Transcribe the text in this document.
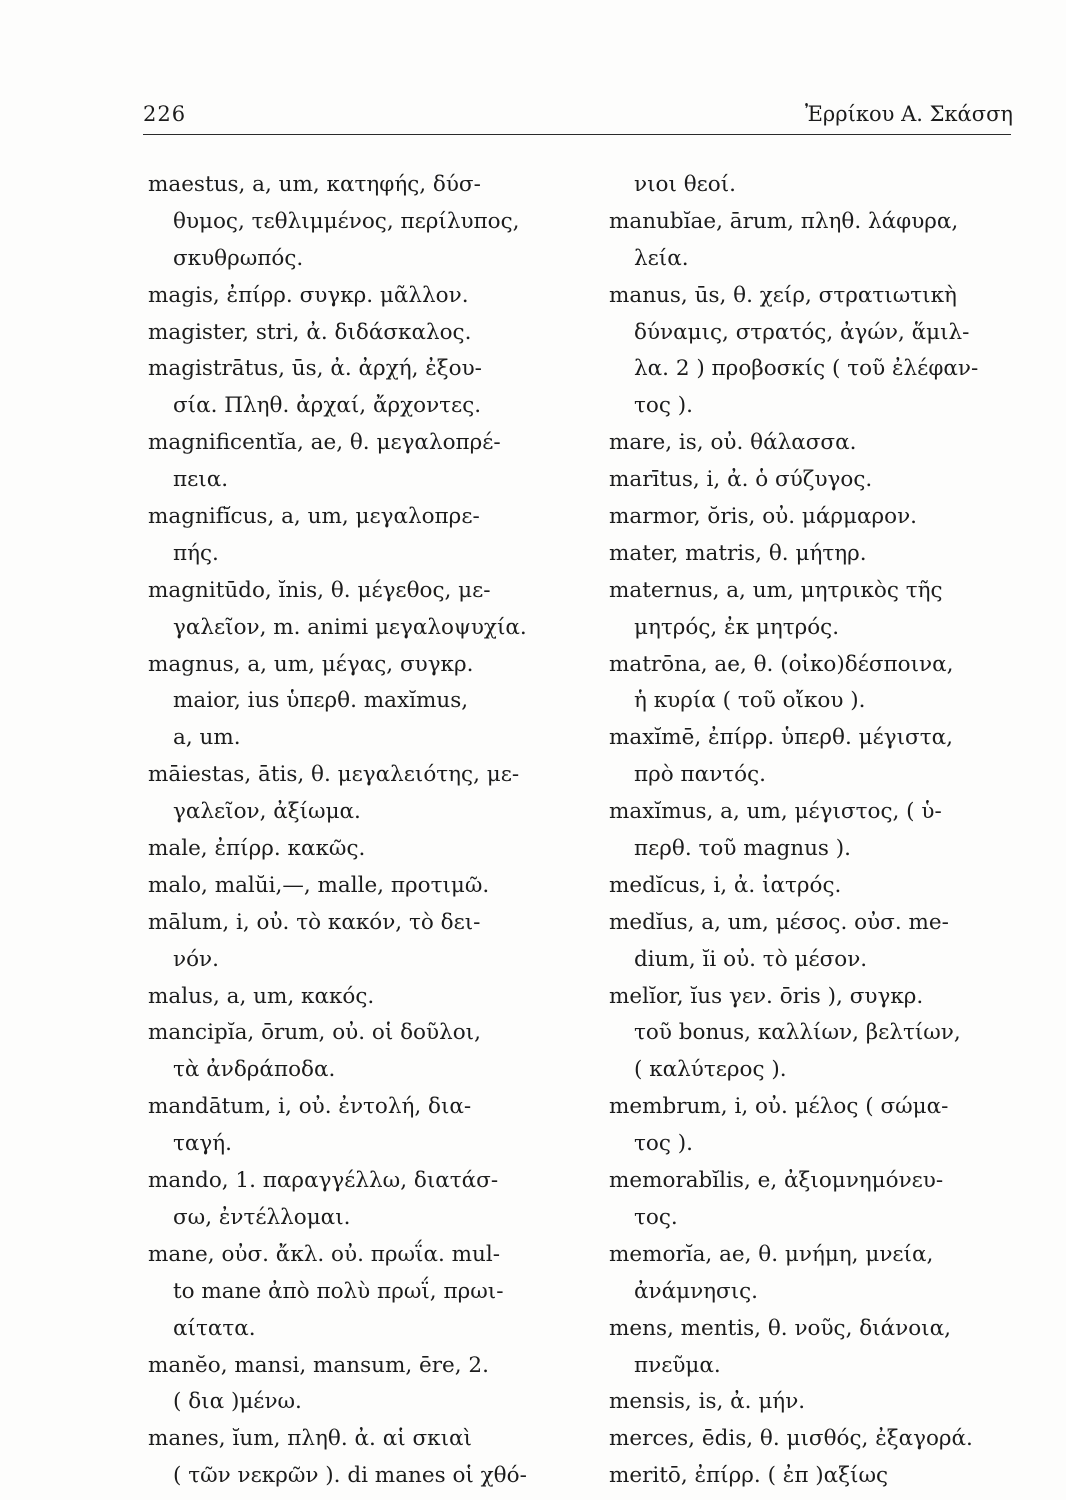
226	Ἐρρίκου Α. Σκάσση
maestus, a, um, κατηφής, δύσ-
θυμος, τεθλιμμένος, περίλυπος,
σκυθρωπός.
magis, ἐπίρρ. συγκρ. μᾶλλον.
magister, stri, ἀ. διδάσκαλος.
magistrātus, ūs, ἀ. ἀρχή, ἐξου-
σία. Πληθ. ἀρχαί, ἄρχοντες.
magnificentĭa, ae, θ. μεγαλοπρέ-
πεια.
magnifĭcus, a, um, μεγαλοπρε-
πής.
magnitūdo, ĭnis, θ. μέγεθος, με-
γαλεῖον, m. animi μεγαλοψυχία.
magnus, a, um, μέγας, συγκρ.
maior, ius ὑπερθ. maxĭmus,
a, um.
māiestas, ātis, θ. μεγαλειότης, με-
γαλεῖον, ἀξίωμα.
male, ἐπίρρ. κακῶς.
malo, malŭi,—, malle, προτιμῶ.
mālum, i, οὐ. τὸ κακόν, τὸ δει-
νόν.
malus, a, um, κακός.
mancipĭa, ōrum, οὐ. οἱ δοῦλοι,
τὰ ἀνδράποδα.
mandātum, i, οὐ. ἐντολή, δια-
ταγή.
mando, 1. παραγγέλλω, διατάσ-
σω, ἐντέλλομαι.
mane, οὐσ. ἄκλ. οὐ. πρωΐα. mul-
to mane ἀπὸ πολὺ πρωΐ, πρωι-
αίτατα.
manĕo, mansi, mansum, ēre, 2.
( δια )μένω.
manes, ĭum, πληθ. ἀ. αἱ σκιαὶ
( τῶν νεκρῶν ). di manes οἱ χθό-
νιοι θεοί.
manubĭae, ārum, πληθ. λάφυρα,
λεία.
manus, ūs, θ. χείρ, στρατιωτικὴ
δύναμις, στρατός, ἀγών, ἅμιλ-
λα. 2 ) προβοσκίς ( τοῦ ἐλέφαν-
τος ).
mare, is, οὐ. θάλασσα.
marītus, i, ἀ. ὁ σύζυγος.
marmor, ŏris, οὐ. μάρμαρον.
mater, matris, θ. μήτηρ.
maternus, a, um, μητρικὸς τῆς
μητρός, ἐκ μητρός.
matrōna, ae, θ. (οἰκο)δέσποινα,
ἡ κυρία ( τοῦ οἴκου ).
maxĭmē, ἐπίρρ. ὑπερθ. μέγιστα,
πρὸ παντός.
maxĭmus, a, um, μέγιστος, ( ὑ-
περθ. τοῦ magnus ).
medĭcus, i, ἀ. ἰατρός.
medĭus, a, um, μέσος. οὐσ. me-
dium, ĭi οὐ. τὸ μέσον.
melĭor, ĭus γεν. ōris ), συγκρ.
τοῦ bonus, καλλίων, βελτίων,
( καλύτερος ).
membrum, i, οὐ. μέλος ( σώμα-
τος ).
memorabĭlis, e, ἀξιομνημόνευ-
τος.
memorĭa, ae, θ. μνήμη, μνεία,
ἀνάμνησις.
mens, mentis, θ. νοῦς, διάνοια,
πνεῦμα.
mensis, is, ἀ. μήν.
merces, ēdis, θ. μισθός, ἐξαγορά.
meritō, ἐπίρρ. ( ἐπ )αξίως
